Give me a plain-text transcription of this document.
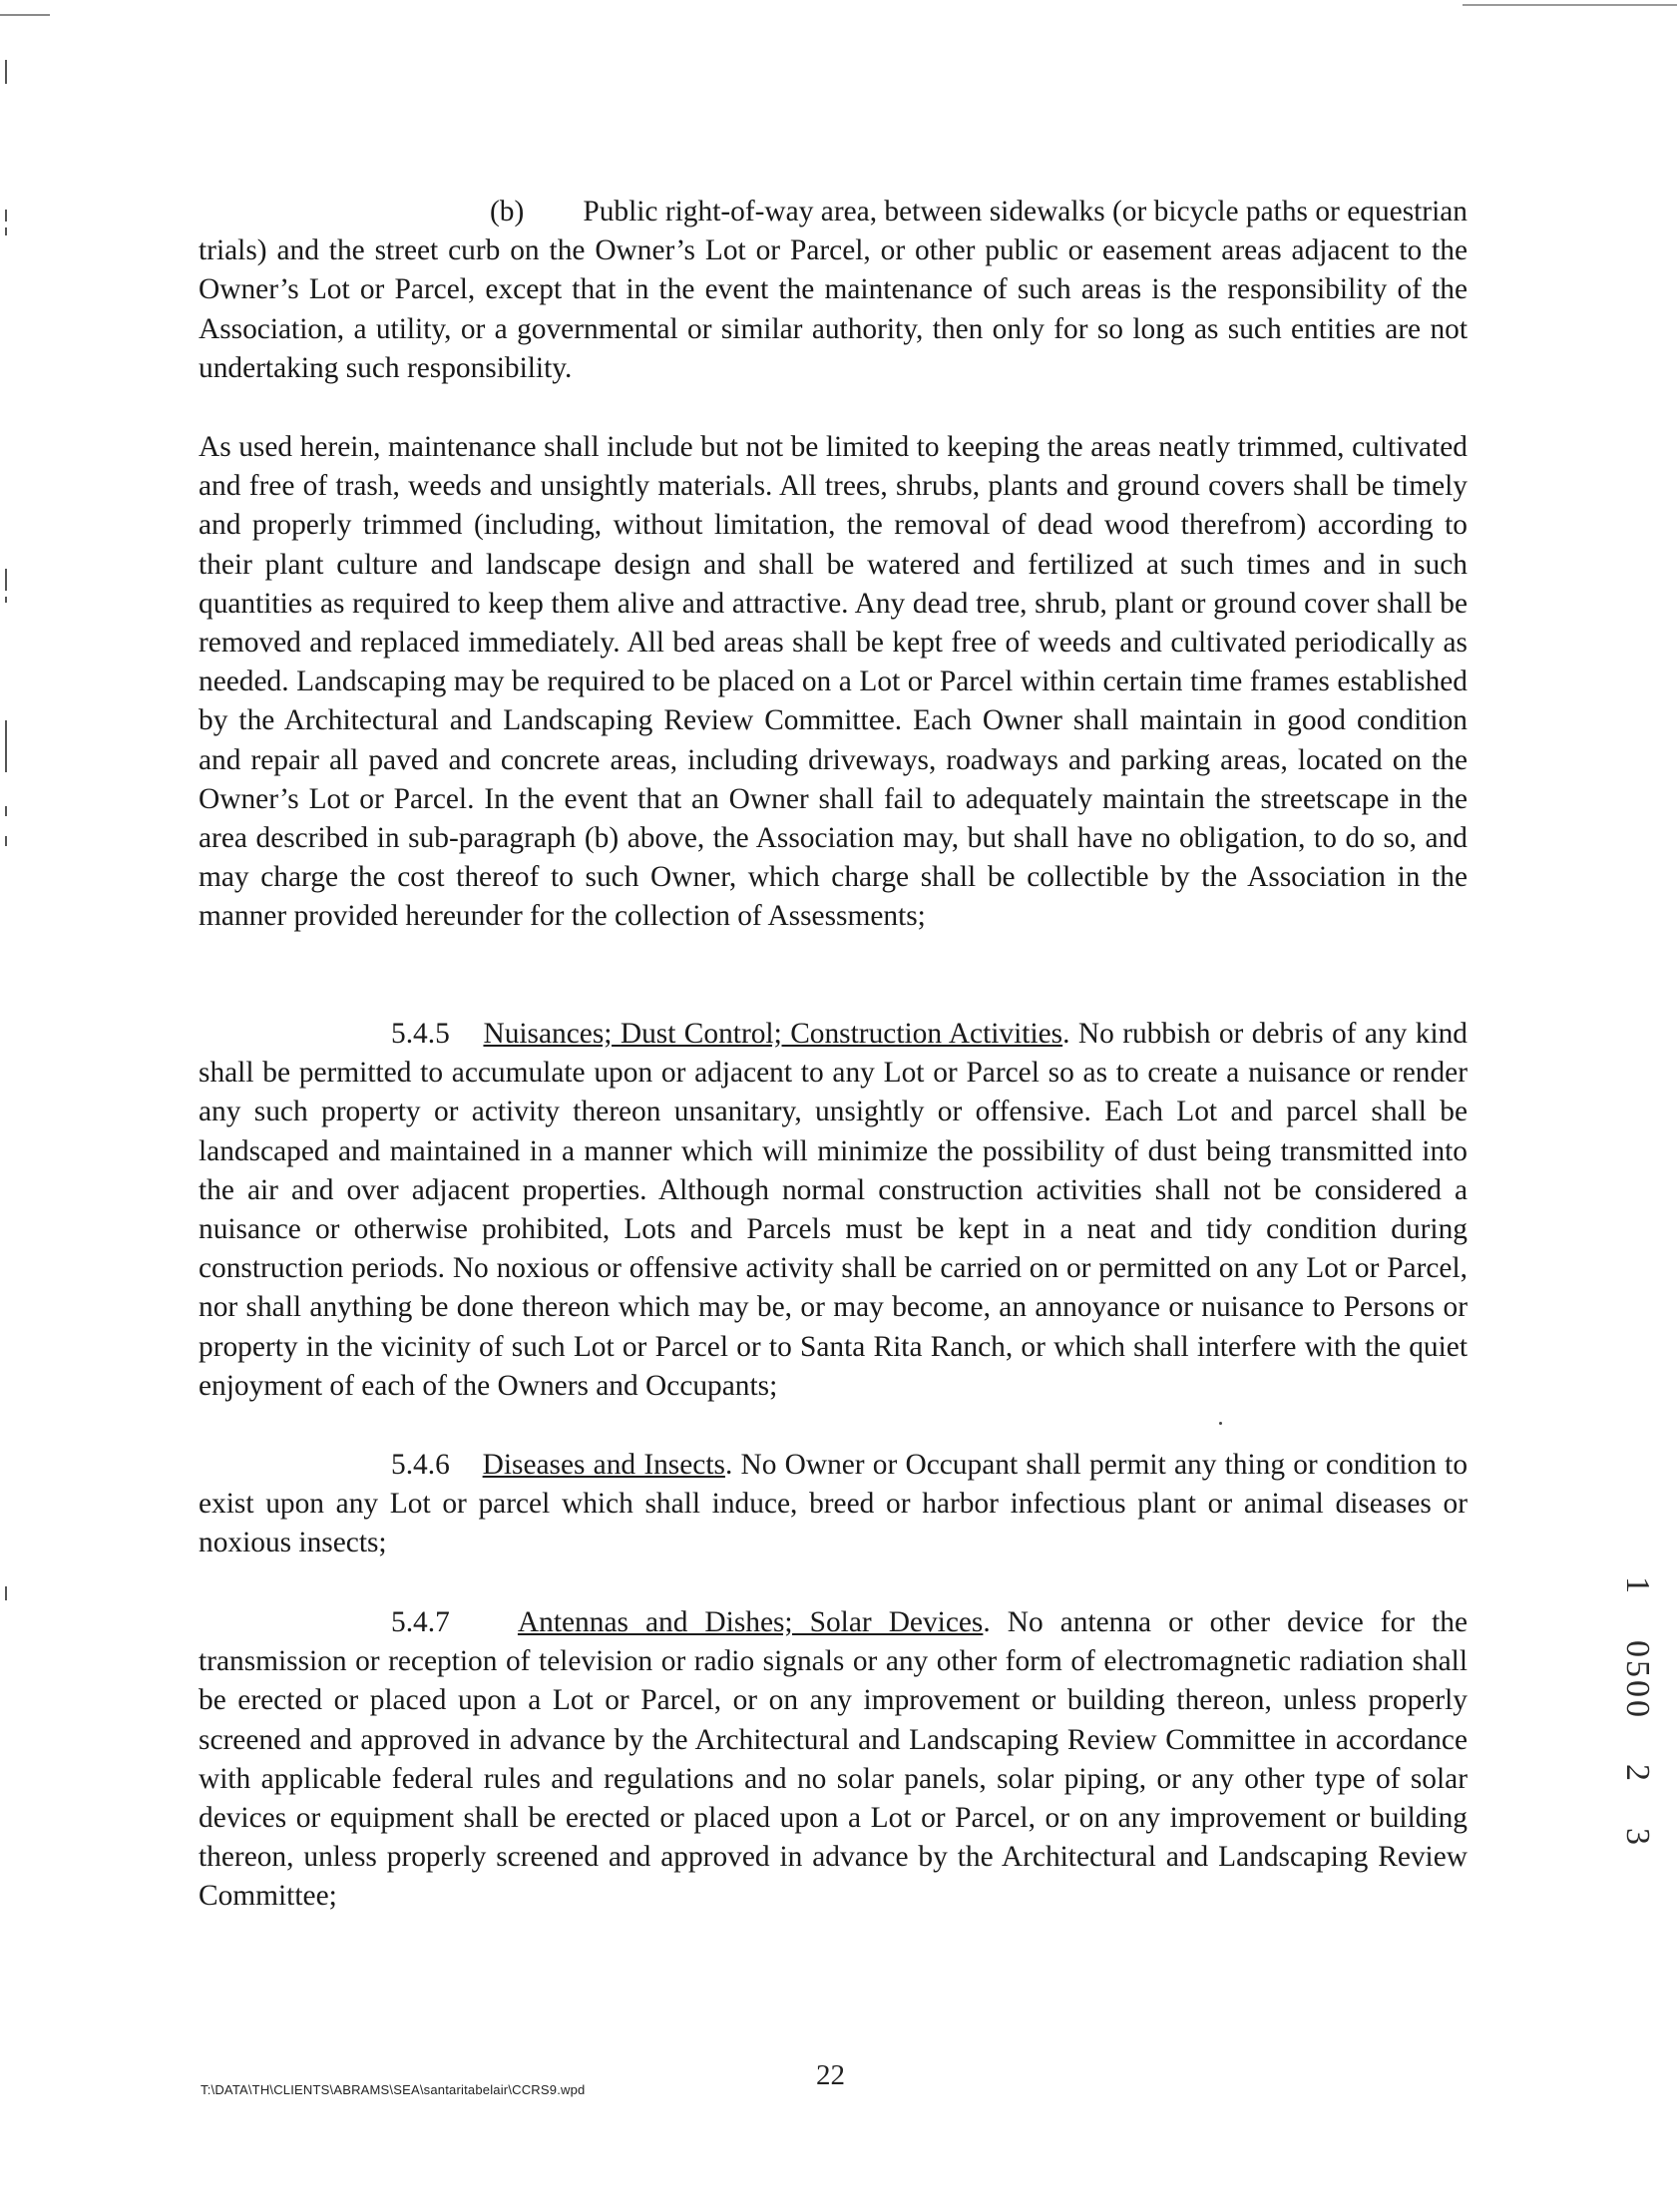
(b) Public right-of-way area, between sidewalks (or bicycle paths or equestrian trials) and the street curb on the Owner’s Lot or Parcel, or other public or easement areas adjacent to the Owner’s Lot or Parcel, except that in the event the maintenance of such areas is the responsibility of the Association, a utility, or a governmental or similar authority, then only for so long as such entities are not undertaking such responsibility.

As used herein, maintenance shall include but not be limited to keeping the areas neatly trimmed, cultivated and free of trash, weeds and unsightly materials. All trees, shrubs, plants and ground covers shall be timely and properly trimmed (including, without limitation, the removal of dead wood therefrom) according to their plant culture and landscape design and shall be watered and fertilized at such times and in such quantities as required to keep them alive and attractive. Any dead tree, shrub, plant or ground cover shall be removed and replaced immediately. All bed areas shall be kept free of weeds and cultivated periodically as needed. Landscaping may be required to be placed on a Lot or Parcel within certain time frames established by the Architectural and Landscaping Review Committee. Each Owner shall maintain in good condition and repair all paved and concrete areas, including driveways, roadways and parking areas, located on the Owner’s Lot or Parcel. In the event that an Owner shall fail to adequately maintain the streetscape in the area described in sub-paragraph (b) above, the Association may, but shall have no obligation, to do so, and may charge the cost thereof to such Owner, which charge shall be collectible by the Association in the manner provided hereunder for the collection of Assessments;

5.4.5 Nuisances; Dust Control; Construction Activities. No rubbish or debris of any kind shall be permitted to accumulate upon or adjacent to any Lot or Parcel so as to create a nuisance or render any such property or activity thereon unsanitary, unsightly or offensive. Each Lot and parcel shall be landscaped and maintained in a manner which will minimize the possibility of dust being transmitted into the air and over adjacent properties. Although normal construction activities shall not be considered a nuisance or otherwise prohibited, Lots and Parcels must be kept in a neat and tidy condition during construction periods. No noxious or offensive activity shall be carried on or permitted on any Lot or Parcel, nor shall anything be done thereon which may be, or may become, an annoyance or nuisance to Persons or property in the vicinity of such Lot or Parcel or to Santa Rita Ranch, or which shall interfere with the quiet enjoyment of each of the Owners and Occupants;

5.4.6 Diseases and Insects. No Owner or Occupant shall permit any thing or condition to exist upon any Lot or parcel which shall induce, breed or harbor infectious plant or animal diseases or noxious insects;

5.4.7 Antennas and Dishes; Solar Devices. No antenna or other device for the transmission or reception of television or radio signals or any other form of electromagnetic radiation shall be erected or placed upon a Lot or Parcel, or on any improvement or building thereon, unless properly screened and approved in advance by the Architectural and Landscaping Review Committee in accordance with applicable federal rules and regulations and no solar panels, solar piping, or any other type of solar devices or equipment shall be erected or placed upon a Lot or Parcel, or on any improvement or building thereon, unless properly screened and approved in advance by the Architectural and Landscaping Review Committee;

T:\DATA\TH\CLIENTS\ABRAMS\SEA\santaritabelair\CCRS9.wpd	22
1050023
